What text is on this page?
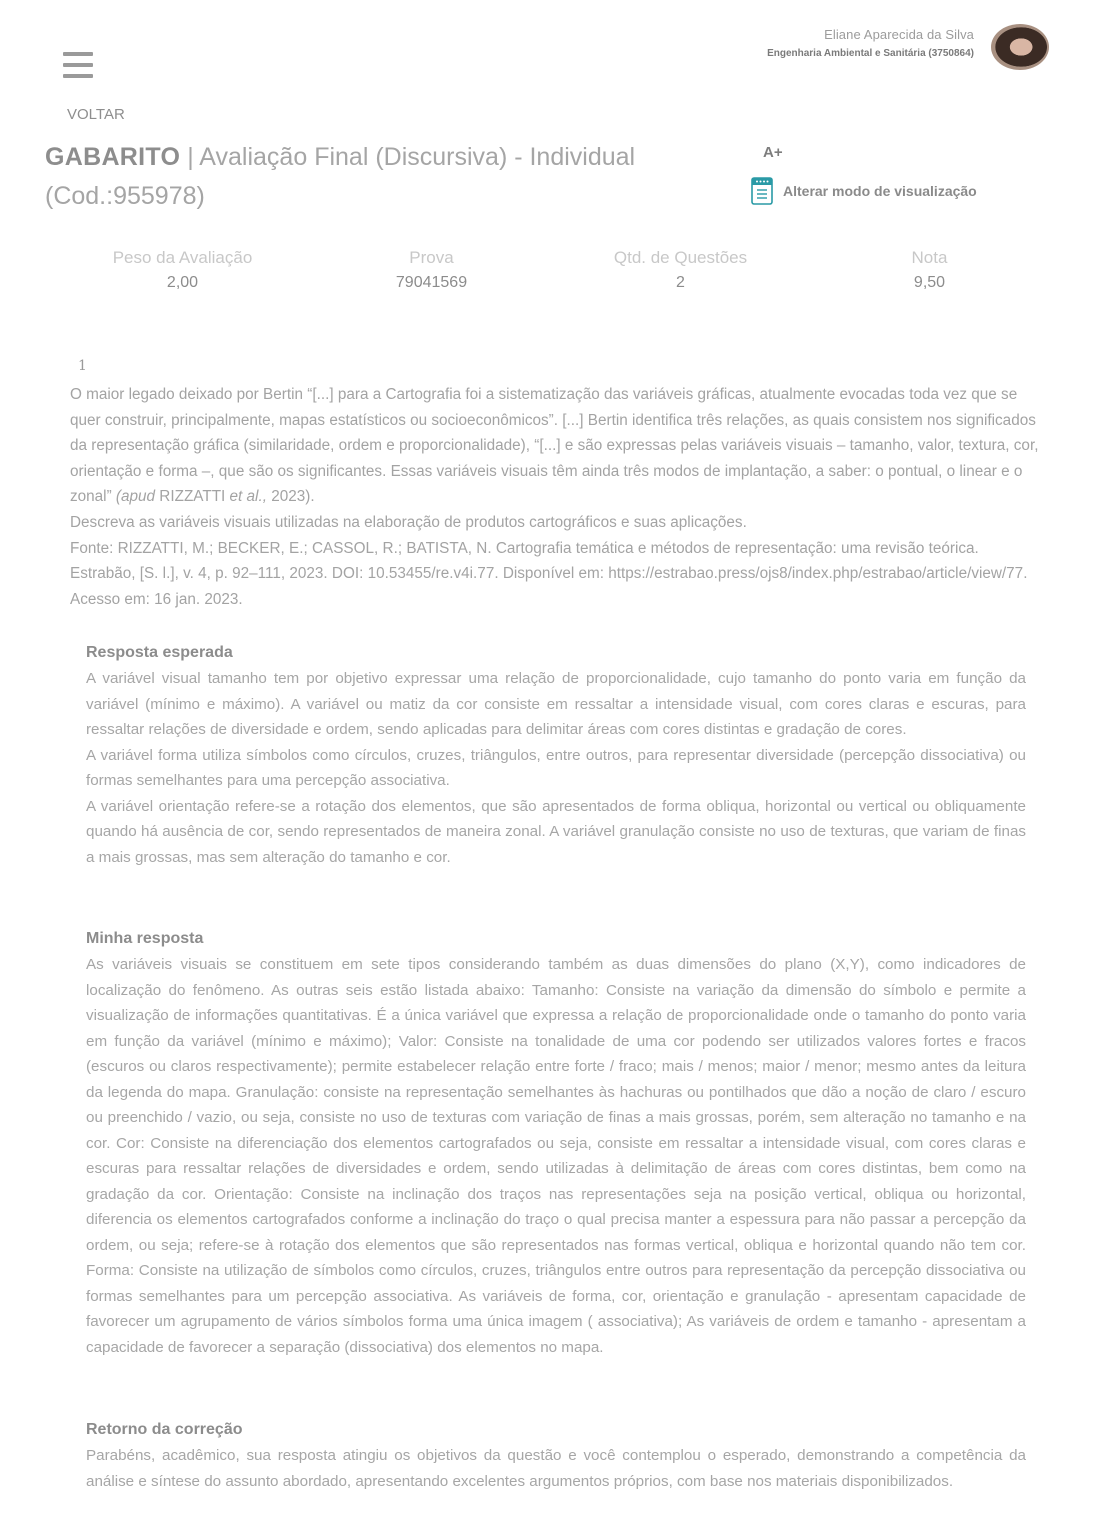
Eliane Aparecida da Silva
Engenharia Ambiental e Sanitária (3750864)
VOLTAR
GABARITO | Avaliação Final (Discursiva) - Individual (Cod.:955978)
A+
Alterar modo de visualização
Peso da Avaliação
2,00
Prova
79041569
Qtd. de Questões
2
Nota
9,50
1

O maior legado deixado por Bertin “[...] para a Cartografia foi a sistematização das variáveis gráficas, atualmente evocadas toda vez que se quer construir, principalmente, mapas estatísticos ou socioeconômicos”. [...] Bertin identifica três relações, as quais consistem nos significados da representação gráfica (similaridade, ordem e proporcionalidade), “[...] e são expressas pelas variáveis visuais – tamanho, valor, textura, cor, orientação e forma –, que são os significantes. Essas variáveis visuais têm ainda três modos de implantação, a saber: o pontual, o linear e o zonal” (apud RIZZATTI et al., 2023).

Descreva as variáveis visuais utilizadas na elaboração de produtos cartográficos e suas aplicações.

Fonte: RIZZATTI, M.; BECKER, E.; CASSOL, R.; BATISTA, N. Cartografia temática e métodos de representação: uma revisão teórica. Estrabão, [S. l.], v. 4, p. 92–111, 2023. DOI: 10.53455/re.v4i.77. Disponível em: https://estrabao.press/ojs8/index.php/estrabao/article/view/77. Acesso em: 16 jan. 2023.

Resposta esperada

A variável visual tamanho tem por objetivo expressar uma relação de proporcionalidade, cujo tamanho do ponto varia em função da variável (mínimo e máximo). A variável ou matiz da cor consiste em ressaltar a intensidade visual, com cores claras e escuras, para ressaltar relações de diversidade e ordem, sendo aplicadas para delimitar áreas com cores distintas e gradação de cores.

A variável forma utiliza símbolos como círculos, cruzes, triângulos, entre outros, para representar diversidade (percepção dissociativa) ou formas semelhantes para uma percepção associativa.

A variável orientação refere-se a rotação dos elementos, que são apresentados de forma obliqua, horizontal ou vertical ou obliquamente quando há ausência de cor, sendo representados de maneira zonal. A variável granulação consiste no uso de texturas, que variam de finas a mais grossas, mas sem alteração do tamanho e cor.

Minha resposta

As variáveis visuais se constituem em sete tipos considerando também as duas dimensões do plano (X,Y), como indicadores de localização do fenômeno. As outras seis estão listada abaixo: Tamanho: Consiste na variação da dimensão do símbolo e permite a visualização de informações quantitativas. É a única variável que expressa a relação de proporcionalidade onde o tamanho do ponto varia em função da variável (mínimo e máximo); Valor: Consiste na tonalidade de uma cor podendo ser utilizados valores fortes e fracos (escuros ou claros respectivamente); permite estabelecer relação entre forte / fraco; mais / menos; maior / menor; mesmo antes da leitura da legenda do mapa. Granulação: consiste na representação semelhantes às hachuras ou pontilhados que dão a noção de claro / escuro ou preenchido / vazio, ou seja, consiste no uso de texturas com variação de finas a mais grossas, porém, sem alteração no tamanho e na cor. Cor: Consiste na diferenciação dos elementos cartografados ou seja, consiste em ressaltar a intensidade visual, com cores claras e escuras para ressaltar relações de diversidades e ordem, sendo utilizadas à delimitação de áreas com cores distintas, bem como na gradação da cor. Orientação: Consiste na inclinação dos traços nas representações seja na posição vertical, obliqua ou horizontal, diferencia os elementos cartografados conforme a inclinação do traço o qual precisa manter a espessura para não passar a percepção da ordem, ou seja; refere-se à rotação dos elementos que são representados nas formas vertical, obliqua e horizontal quando não tem cor. Forma: Consiste na utilização de símbolos como círculos, cruzes, triângulos entre outros para representação da percepção dissociativa ou formas semelhantes para um percepção associativa. As variáveis de forma, cor, orientação e granulação - apresentam capacidade de favorecer um agrupamento de vários símbolos forma uma única imagem ( associativa); As variáveis de ordem e tamanho - apresentam a capacidade de favorecer a separação (dissociativa) dos elementos no mapa.

Retorno da correção

Parabéns, acadêmico, sua resposta atingiu os objetivos da questão e você contemplou o esperado, demonstrando a competência da análise e síntese do assunto abordado, apresentando excelentes argumentos próprios, com base nos materiais disponibilizados.
